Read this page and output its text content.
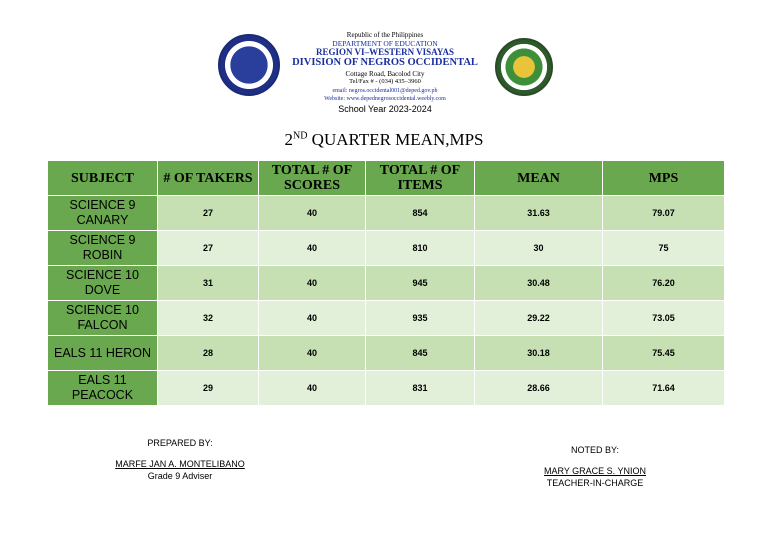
Republic of the Philippines
DEPARTMENT OF EDUCATION
REGION VI–WESTERN VISAYAS
DIVISION OF NEGROS OCCIDENTAL
Cottage Road, Bacolod City
Tel/Fax # - (034) 435–3960
email: negros.occidental001@deped.gov.ph
Website: www.depednegrosoccidental.weebly.com
School Year 2023-2024
2ND QUARTER MEAN,MPS
SUBJECT	# OF TAKERS	TOTAL # OF SCORES	TOTAL # OF ITEMS	MEAN	MPS
SCIENCE 9 CANARY	27	40	854	31.63	79.07
SCIENCE 9 ROBIN	27	40	810	30	75
SCIENCE 10 DOVE	31	40	945	30.48	76.20
SCIENCE 10 FALCON	32	40	935	29.22	73.05
EALS 11 HERON	28	40	845	30.18	75.45
EALS 11 PEACOCK	29	40	831	28.66	71.64
PREPARED BY:
MARFE JAN A. MONTELIBANO
Grade 9 Adviser
NOTED BY:
MARY GRACE S. YNION
TEACHER-IN-CHARGE
